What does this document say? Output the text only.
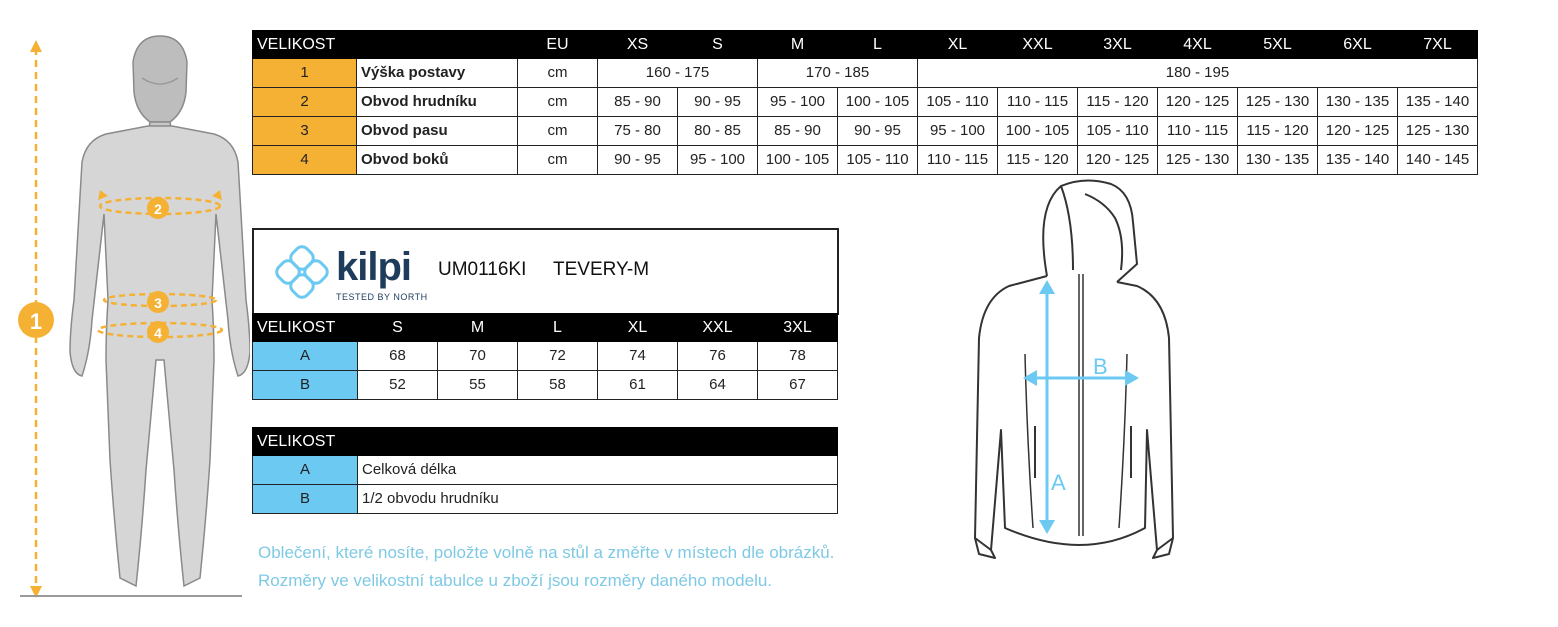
1
2
3
4
VELIKOST		EU	XS	S	M	L	XL	XXL	3XL	4XL	5XL	6XL	7XL
1	Výška postavy	cm	160 - 175		170 - 185		180 - 195						
2	Obvod hrudníku	cm	85 - 90	90 - 95	95 - 100	100 - 105	105 - 110	110 - 115	115 - 120	120 - 125	125 - 130	130 - 135	135 - 140
3	Obvod pasu	cm	75 - 80	80 - 85	85 - 90	90 - 95	95 - 100	100 - 105	105 - 110	110 - 115	115 - 120	120 - 125	125 - 130
4	Obvod boků	cm	90 - 95	95 - 100	100 - 105	105 - 110	110 - 115	115 - 120	120 - 125	125 - 130	130 - 135	135 - 140	140 - 145
kilpi
TESTED BY NORTH
UM0116KI TEVERY-M
VELIKOST	S	M	L	XL	XXL	3XL
A	68	70	72	74	76	78
B	52	55	58	61	64	67
VELIKOST	
A	Celková délka
B	1/2 obvodu hrudníku
Oblečení, které nosíte, položte volně na stůl a změřte v místech dle obrázků.
Rozměry ve velikostní tabulce u zboží jsou rozměry daného modelu.
A
B
